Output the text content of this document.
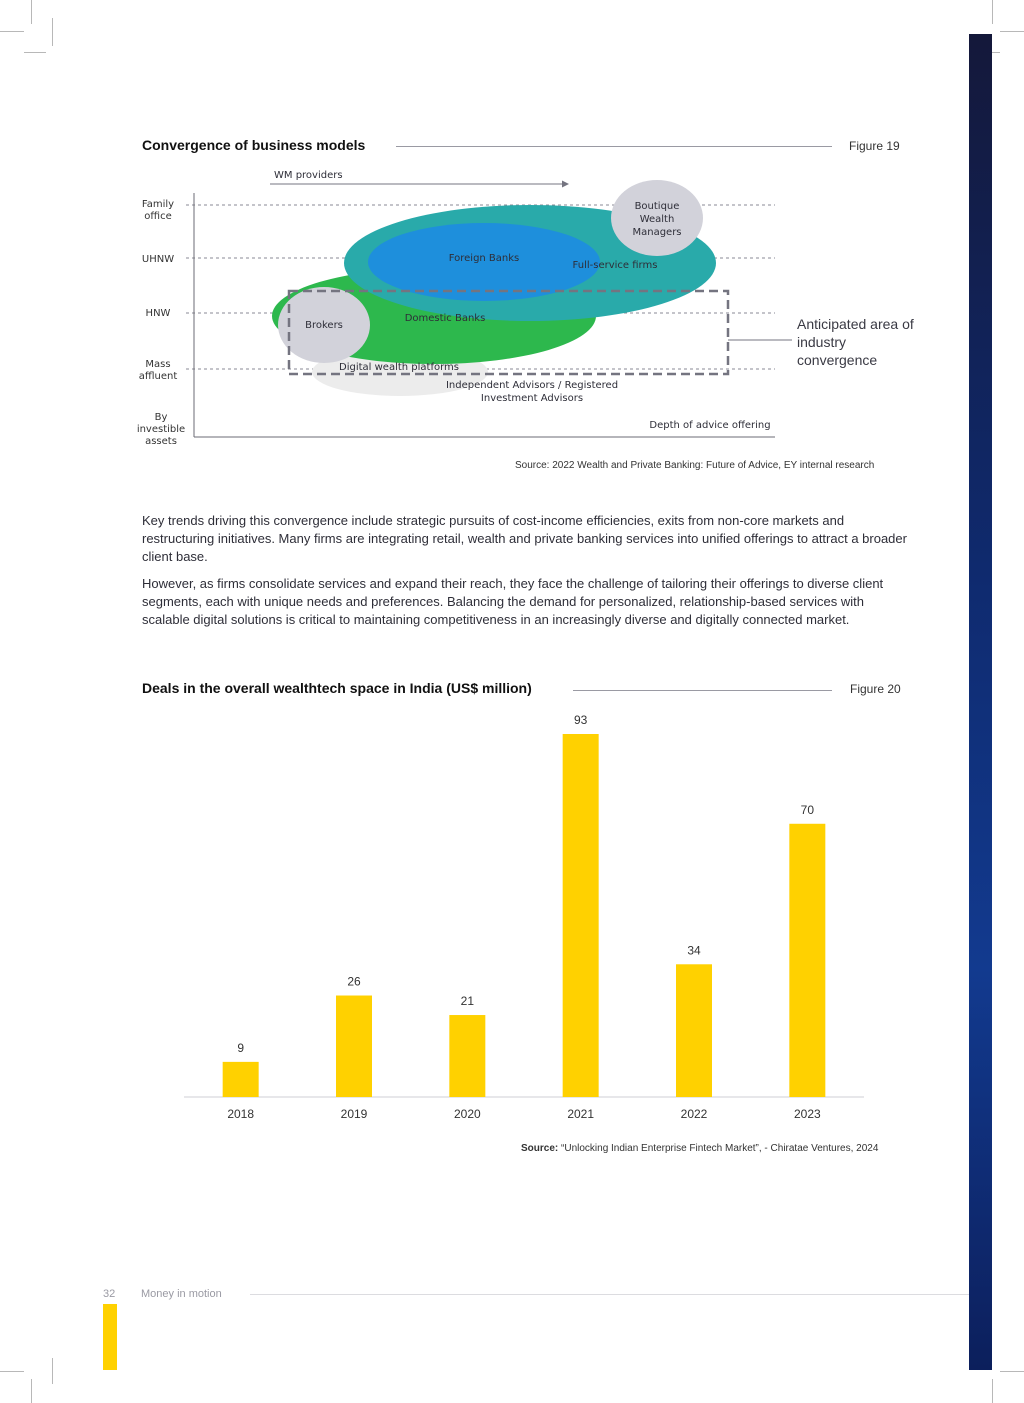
Convergence of business models	Figure 19
WM providers
Family office
UHNW
HNW
Mass affluent
By investible assets
Boutique Wealth Managers
Foreign Banks
Full-service firms
Brokers
Domestic Banks
Digital wealth platforms
Independent Advisors / Registered Investment Advisors
Depth of advice offering
Anticipated area of industry convergence
Source: 2022 Wealth and Private Banking: Future of Advice, EY internal research

Key trends driving this convergence include strategic pursuits of cost-income efficiencies, exits from non-core markets and restructuring initiatives. Many firms are integrating retail, wealth and private banking services into unified offerings to attract a broader client base.

However, as firms consolidate services and expand their reach, they face the challenge of tailoring their offerings to diverse client segments, each with unique needs and preferences. Balancing the demand for personalized, relationship-based services with scalable digital solutions is critical to maintaining competitiveness in an increasingly diverse and digitally connected market.

Deals in the overall wealthtech space in India (US$ million)	Figure 20
9
2018
26
2019
21
2020
93
2021
34
2022
70
2023
Source: “Unlocking Indian Enterprise Fintech Market”, - Chiratae Ventures, 2024
32 Money in motion
